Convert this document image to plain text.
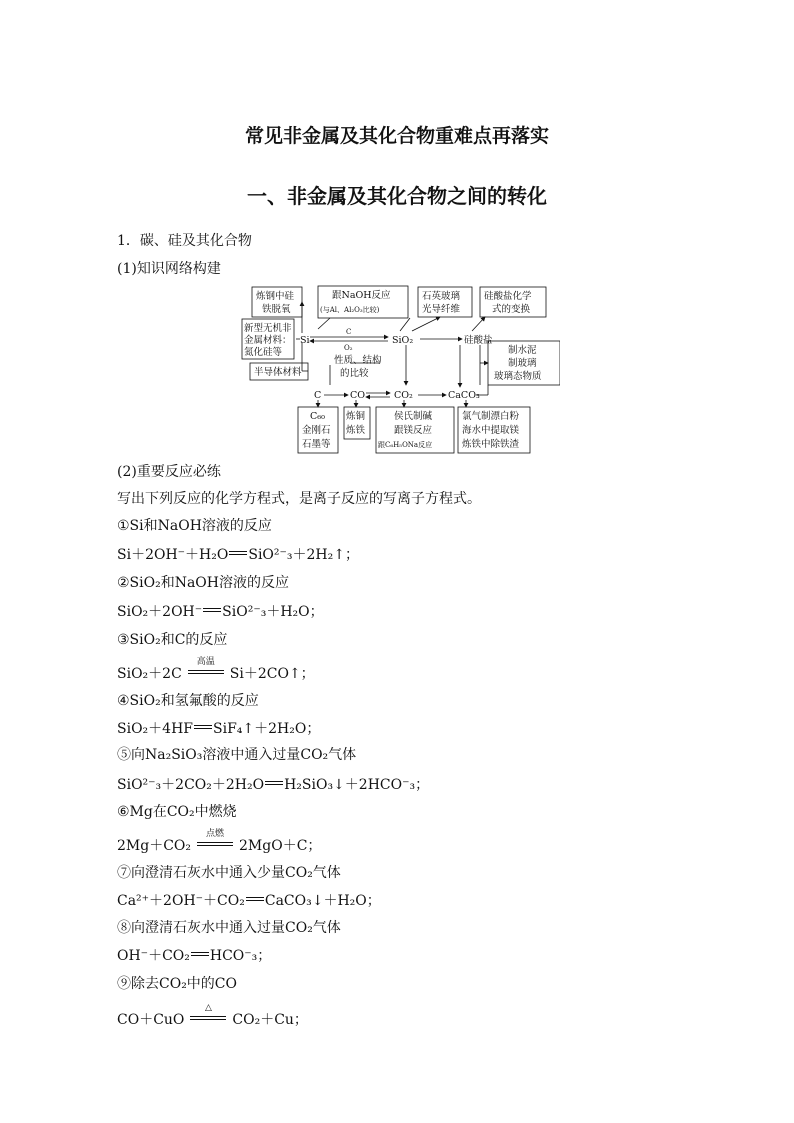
常见非金属及其化合物重难点再落实
一、非金属及其化合物之间的转化
1．碳、硅及其化合物
(1)知识网络构建
炼钢中硅
铁脱氧
跟NaOH反应
(与Al、Al₂O₃比较)
石英玻璃
光导纤维
硅酸盐化学
式的变换
新型无机非
金属材料：
氮化硅等
半导体材料
性质、结构
的比较
制水泥
制玻璃
玻璃态物质
C₆₀
金刚石
石墨等
炼铜
炼铁
侯氏制碱
跟镁反应
跟C₆H₅ONa反应
氯气制漂白粉
海水中提取镁
炼铁中除铁渣
Si	SiO₂	硅酸盐
C
O₂
C	CO	CO₂	CaCO₃
(2)重要反应必练
写出下列反应的化学方程式，是离子反应的写离子方程式。
①Si和NaOH溶液的反应
Si＋2OH⁻＋H₂O SiO²⁻₃＋2H₂↑；
②SiO₂和NaOH溶液的反应
SiO₂＋2OH⁻ SiO²⁻₃＋H₂O；
③SiO₂和C的反应
SiO₂＋2C
高温
Si＋2CO↑；
④SiO₂和氢氟酸的反应
SiO₂＋4HF SiF₄↑＋2H₂O；
⑤向Na₂SiO₃溶液中通入过量CO₂气体
SiO²⁻₃＋2CO₂＋2H₂O H₂SiO₃↓＋2HCO⁻₃；
⑥Mg在CO₂中燃烧
2Mg＋CO₂
点燃
2MgO＋C；
⑦向澄清石灰水中通入少量CO₂气体
Ca²⁺＋2OH⁻＋CO₂ CaCO₃↓＋H₂O；
⑧向澄清石灰水中通入过量CO₂气体
OH⁻＋CO₂ HCO⁻₃；
⑨除去CO₂中的CO
CO＋CuO
△
CO₂＋Cu；
